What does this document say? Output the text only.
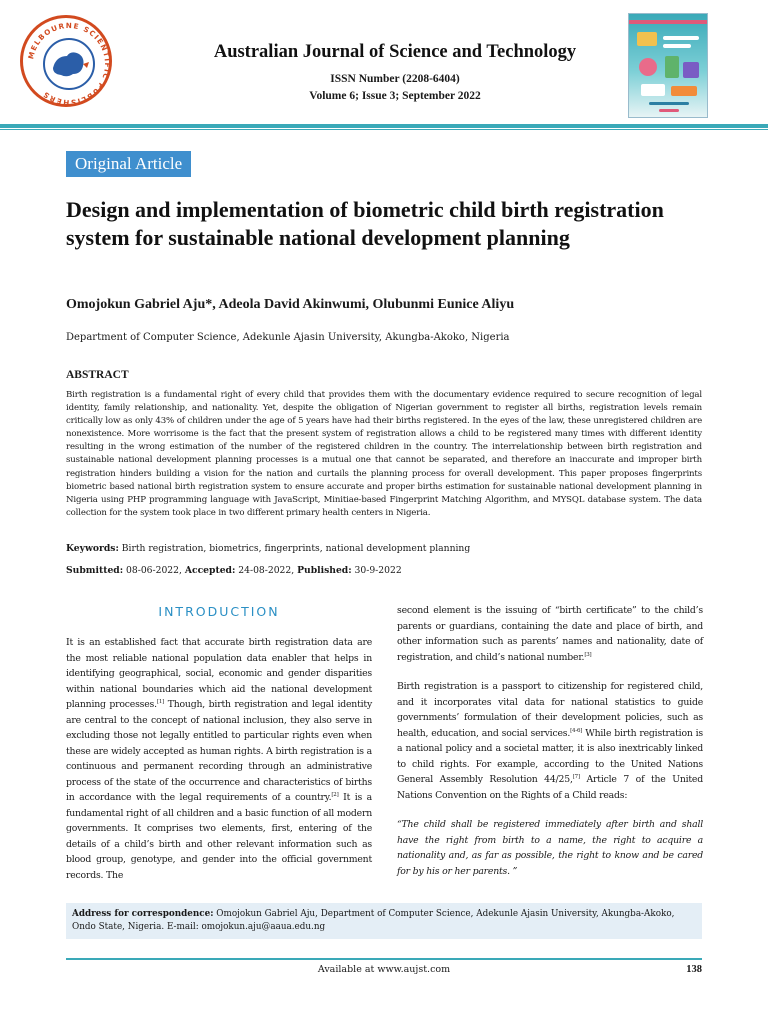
MELBOURNE SCIENTIFIC PUBLISHERS
Australian Journal of Science and Technology
ISSN Number (2208-6404)
Volume 6; Issue 3; September 2022
Original Article
Design and implementation of biometric child birth registration system for sustainable national development planning
Omojokun Gabriel Aju*, Adeola David Akinwumi, Olubunmi Eunice Aliyu
Department of Computer Science, Adekunle Ajasin University, Akungba-Akoko, Nigeria
ABSTRACT
Birth registration is a fundamental right of every child that provides them with the documentary evidence required to secure recognition of legal identity, family relationship, and nationality. Yet, despite the obligation of Nigerian government to register all births, registration levels remain critically low as only 43% of children under the age of 5 years have had their births registered. In the eyes of the law, these unregistered children are nonexistence. More worrisome is the fact that the present system of registration allows a child to be registered many times with different identity resulting in the wrong estimation of the number of the registered children in the country. The interrelationship between birth registration and sustainable national development planning processes is a mutual one that cannot be separated, and therefore an inaccurate and improper birth registration hinders building a vision for the nation and curtails the planning process for overall development. This paper proposes fingerprints biometric based national birth registration system to ensure accurate and proper births estimation for sustainable national development planning in Nigeria using PHP programming language with JavaScript, Minitiae-based Fingerprint Matching Algorithm, and MYSQL database system. The data collection for the system took place in two different primary health centers in Nigeria.
Keywords: Birth registration, biometrics, fingerprints, national development planning
Submitted: 08-06-2022, Accepted: 24-08-2022, Published: 30-9-2022
INTRODUCTION
It is an established fact that accurate birth registration data are the most reliable national population data enabler that helps in identifying geographical, social, economic and gender disparities within national boundaries which aid the national development planning processes.[1] Though, birth registration and legal identity are central to the concept of national inclusion, they also serve in excluding those not legally entitled to particular rights even when these are widely accepted as human rights. A birth registration is a continuous and permanent recording through an administrative process of the state of the occurrence and characteristics of births in accordance with the legal requirements of a country.[2] It is a fundamental right of all children and a basic function of all modern governments. It comprises two elements, first, entering of the details of a child’s birth and other relevant information such as blood group, genotype, and gender into the official government records. The

second element is the issuing of “birth certificate” to the child’s parents or guardians, containing the date and place of birth, and other information such as parents’ names and nationality, date of registration, and child’s national number.[3]

Birth registration is a passport to citizenship for registered child, and it incorporates vital data for national statistics to guide governments’ formulation of their development policies, such as health, education, and social services.[4-6] While birth registration is a national policy and a societal matter, it is also inextricably linked to child rights. For example, according to the United Nations General Assembly Resolution 44/25,[7] Article 7 of the United Nations Convention on the Rights of a Child reads:

“The child shall be registered immediately after birth and shall have the right from birth to a name, the right to acquire a nationality and, as far as possible, the right to know and be cared for by his or her parents. ”

Address for correspondence: Omojokun Gabriel Aju, Department of Computer Science, Adekunle Ajasin University, Akungba-Akoko, Ondo State, Nigeria. E-mail: omojokun.aju@aaua.edu.ng
Available at www.aujst.com	138
